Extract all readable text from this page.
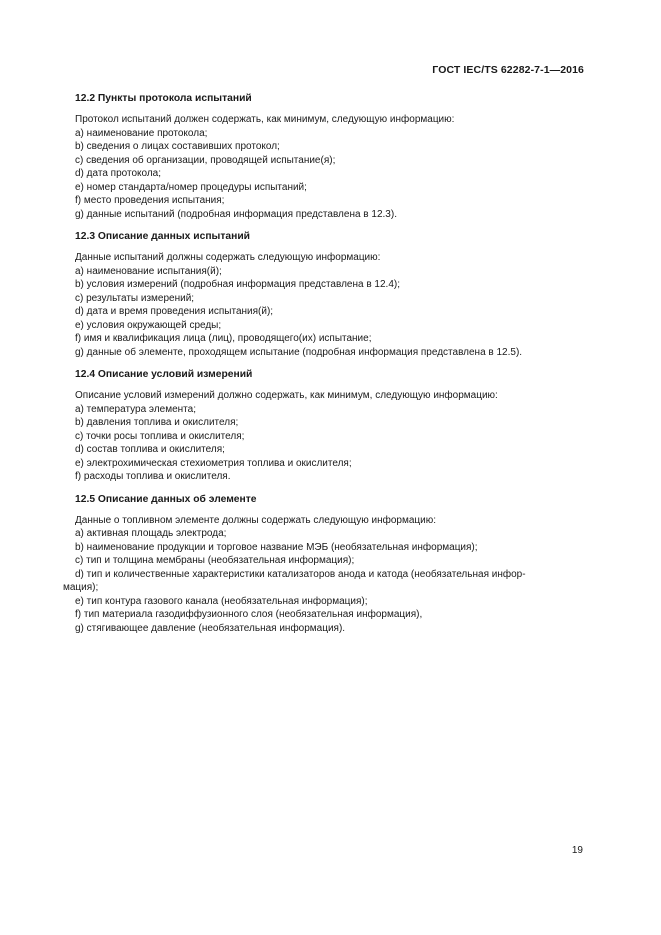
ГОСТ IEC/TS 62282-7-1—2016
12.2 Пункты протокола испытаний
Протокол испытаний должен содержать, как минимум, следующую информацию:
a) наименование протокола;
b) сведения о лицах составивших протокол;
c) сведения об организации, проводящей испытание(я);
d) дата протокола;
e) номер стандарта/номер процедуры испытаний;
f) место проведения испытания;
g) данные испытаний (подробная информация представлена в 12.3).
12.3 Описание данных испытаний
Данные испытаний должны содержать следующую информацию:
a) наименование испытания(й);
b) условия измерений (подробная информация представлена в 12.4);
c) результаты измерений;
d) дата и время проведения испытания(й);
e) условия окружающей среды;
f) имя и квалификация лица (лиц), проводящего(их) испытание;
g) данные об элементе, проходящем испытание (подробная информация представлена в 12.5).
12.4 Описание условий измерений
Описание условий измерений должно содержать, как минимум, следующую информацию:
a) температура элемента;
b) давления топлива и окислителя;
c) точки росы топлива и окислителя;
d) состав топлива и окислителя;
e) электрохимическая стехиометрия топлива и окислителя;
f) расходы топлива и окислителя.
12.5 Описание данных об элементе
Данные о топливном элементе должны содержать следующую информацию:
a) активная площадь электрода;
b) наименование продукции и торговое название МЭБ (необязательная информация);
c) тип и толщина мембраны (необязательная информация);
d) тип и количественные характеристики катализаторов анода и катода (необязательная инфор-
мация);
e) тип контура газового канала (необязательная информация);
f) тип материала газодиффузионного слоя (необязательная информация),
g) стягивающее давление (необязательная информация).
19
